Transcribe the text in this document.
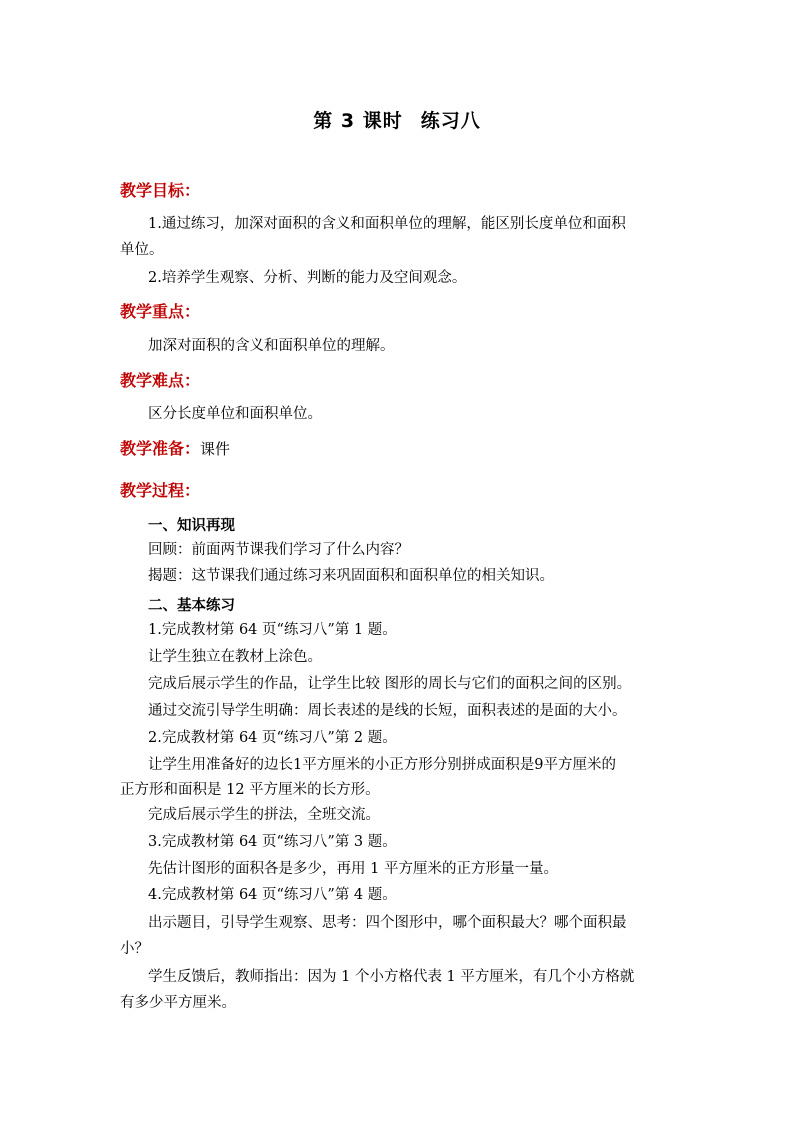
第 3 课时 练习八
教学目标：
1.通过练习，加深对面积的含义和面积单位的理解，能区别长度单位和面积
单位。
2.培养学生观察、分析、判断的能力及空间观念。
教学重点：
加深对面积的含义和面积单位的理解。
教学难点：
区分长度单位和面积单位。
教学准备：课件
教学过程：
一、知识再现
回顾：前面两节课我们学习了什么内容？
揭题：这节课我们通过练习来巩固面积和面积单位的相关知识。
二、基本练习
1.完成教材第 64 页“练习八”第 1 题。
让学生独立在教材上涂色。
完成后展示学生的作品，让学生比较 图形的周长与它们的面积之间的区别。
通过交流引导学生明确：周长表述的是线的长短，面积表述的是面的大小。
2.完成教材第 64 页“练习八”第 2 题。
让学生用准备好的边长1平方厘米的小正方形分别拼成面积是9平方厘米的
正方形和面积是 12 平方厘米的长方形。
完成后展示学生的拼法，全班交流。
3.完成教材第 64 页“练习八”第 3 题。
先估计图形的面积各是多少，再用 1 平方厘米的正方形量一量。
4.完成教材第 64 页“练习八”第 4 题。
出示题目，引导学生观察、思考：四个图形中，哪个面积最大？哪个面积最
小？
学生反馈后，教师指出：因为 1 个小方格代表 1 平方厘米，有几个小方格就
有多少平方厘米。
